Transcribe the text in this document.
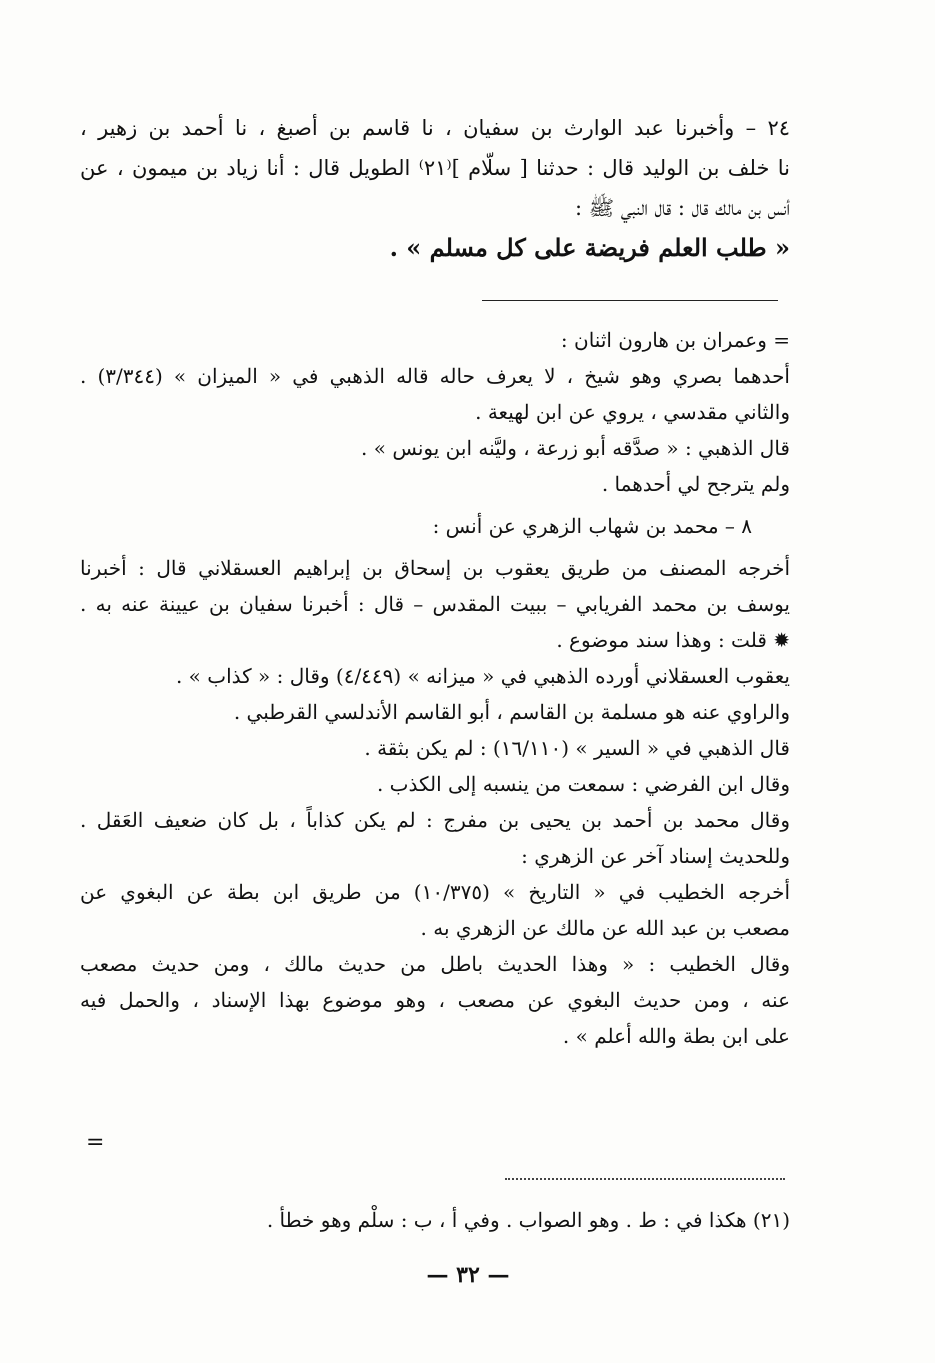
٢٤ – وأخبرنا عبد الوارث بن سفيان ، نا قاسم بن أصبغ ، نا أحمد بن زهير ،
نا خلف بن الوليد قال : حدثنا [ سلّام ]⁽٢١⁾ الطويل قال : أنا زياد بن ميمون ، عن
أنس بن مالك قال : قال النبي ﷺ :
« طلب العلم فريضة على كل مسلم » .
= وعمران بن هارون اثنان :
أحدهما بصري وهو شيخ ، لا يعرف حاله قاله الذهبي في « الميزان » (٣/٣٤٤) .
والثاني مقدسي ، يروي عن ابن لهيعة .
قال الذهبي : « صدَّقه أبو زرعة ، وليَّنه ابن يونس » .
ولم يترجح لي أحدهما .
٨ – محمد بن شهاب الزهري عن أنس :
أخرجه المصنف من طريق يعقوب بن إسحاق بن إبراهيم العسقلاني قال : أخبرنا
يوسف بن محمد الفريابي – ببيت المقدس – قال : أخبرنا سفيان بن عيينة عنه به .
✹ قلت : وهذا سند موضوع .
يعقوب العسقلاني أورده الذهبي في « ميزانه » (٤/٤٤٩) وقال : « كذاب » .
والراوي عنه هو مسلمة بن القاسم ، أبو القاسم الأندلسي القرطبي .
قال الذهبي في « السير » (١٦/١١٠) : لم يكن بثقة .
وقال ابن الفرضي : سمعت من ينسبه إلى الكذب .
وقال محمد بن أحمد بن يحيى بن مفرج : لم يكن كذاباً ، بل كان ضعيف العَقل .
وللحديث إسناد آخر عن الزهري :
أخرجه الخطيب في « التاريخ » (١٠/٣٧٥) من طريق ابن بطة عن البغوي عن
مصعب بن عبد الله عن مالك عن الزهري به .
وقال الخطيب : « وهذا الحديث باطل من حديث مالك ، ومن حديث مصعب
عنه ، ومن حديث البغوي عن مصعب ، وهو موضوع بهذا الإسناد ، والحمل فيه
على ابن بطة والله أعلم » .
=
(٢١) هكذا في : ط . وهو الصواب . وفي أ ، ب : سلْم وهو خطأ .
— ٣٢ —
